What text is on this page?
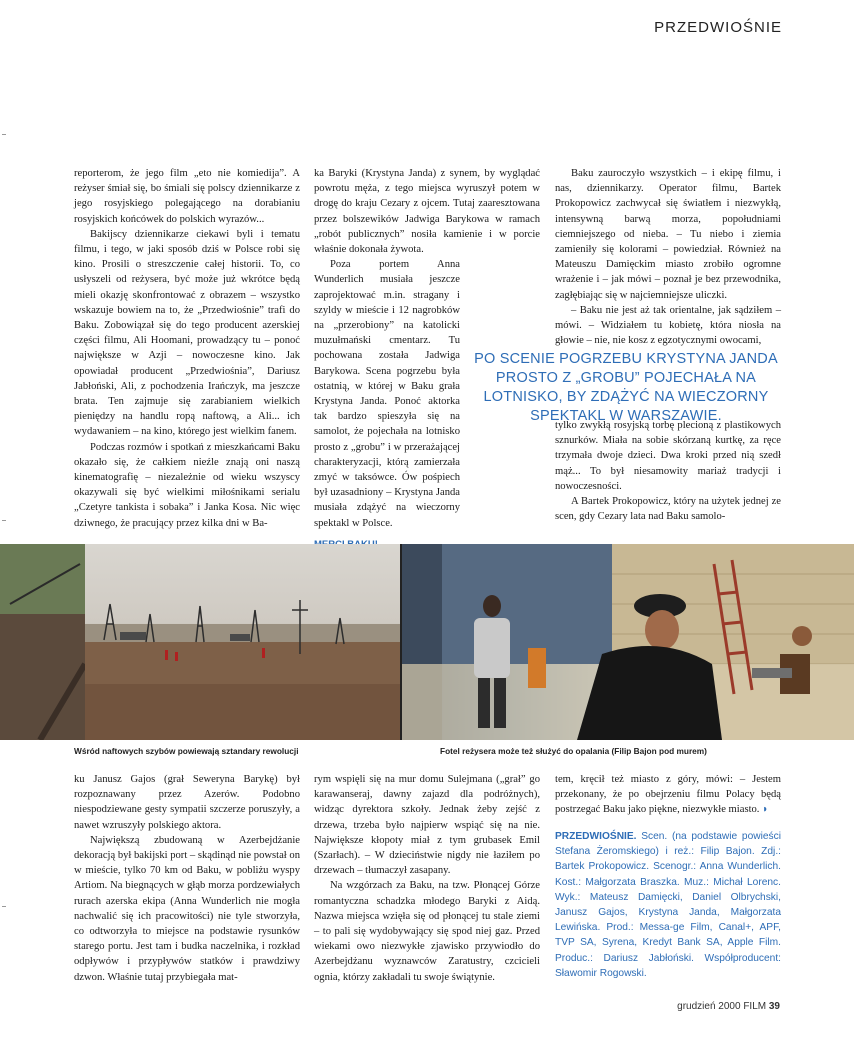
PRZEDWIOŚNIE

reporterom, że jego film „eto nie komiedija”. A reżyser śmiał się, bo śmiali się polscy dziennikarze z jego rosyjskiego polegającego na dorabianiu rosyjskich końcówek do polskich wyrazów...

Bakijscy dziennikarze ciekawi byli i tematu filmu, i tego, w jaki sposób dziś w Polsce robi się kino. Prosili o streszczenie całej historii. To, co usłyszeli od reżysera, być może już wkrótce będą mieli okazję skonfrontować z obrazem – wszystko wskazuje bowiem na to, że „Przedwiośnie” trafi do Baku. Zobowiązał się do tego producent azerskiej części filmu, Ali Hoomani, prowadzący tu – ponoć największe w Azji – nowoczesne kino. Jak opowiadał producent „Przedwiośnia”, Dariusz Jabłoński, Ali, z pochodzenia Irańczyk, ma jeszcze brata. Ten zajmuje się zarabianiem wielkich pieniędzy na handlu ropą naftową, a Ali... ich wydawaniem – na kino, którego jest wielkim fanem.

Podczas rozmów i spotkań z mieszkańcami Baku okazało się, że całkiem nieźle znają oni naszą kinematografię – niezależnie od wieku wszyscy okazywali się być wielkimi miłośnikami serialu „Czetyre tankista i sobaka” i Janka Kosa. Nic więc dziwnego, że pracujący przez kilka dni w Ba-

ka Baryki (Krystyna Janda) z synem, by wyglądać powrotu męża, z tego miejsca wyruszył potem w drogę do kraju Cezary z ojcem. Tutaj zaaresztowana przez bolszewików Jadwiga Barykowa w ramach „robót publicznych” nosiła kamienie i w porcie właśnie dokonała żywota.

Poza portem Anna Wunderlich musiała jeszcze zaprojektować m.in. stragany i szyldy w mieście i 12 nagrobków na „przerobiony” na katolicki muzułmański cmentarz. Tu pochowana została Jadwiga Barykowa. Scena pogrzebu była ostatnią, w której w Baku grała Krystyna Janda. Ponoć aktorka tak bardzo spieszyła się na samolot, że pojechała na lotnisko prosto z „grobu” i w przerażającej charakteryzacji, którą zamierzała zmyć w taksówce. Ów pośpiech był uzasadniony – Krystyna Janda musiała zdążyć na wieczorny spektakl w Polsce.

Baku zauroczyło wszystkich – i ekipę filmu, i nas, dziennikarzy. Operator filmu, Bartek Prokopowicz zachwycał się światłem i niezwykłą, intensywną barwą morza, popołudniami ciemniejszego od nieba. – Tu niebo i ziemia zamieniły się kolorami – powiedział. Również na Mateuszu Damięckim miasto zrobiło ogromne wrażenie i – jak mówi – poznał je bez przewodnika, zagłębiając się w najciemniejsze uliczki.

– Baku nie jest aż tak orientalne, jak sądziłem – mówi. – Widziałem tu kobietę, która niosła na głowie – nie, nie kosz z egzotycznymi owocami,

PO SCENIE POGRZEBU KRYSTYNA JANDA PROSTO Z „GROBU” POJECHAŁA NA LOTNISKO, BY ZDĄŻYĆ NA WIECZORNY SPEKTAKL W WARSZAWIE.

tylko zwykłą rosyjską torbę plecioną z plastikowych sznurków. Miała na sobie skórzaną kurtkę, za ręce trzymała dwoje dzieci. Dwa kroki przed nią szedł mąż... To był niesamowity mariaż tradycji i nowoczesności.

A Bartek Prokopowicz, który na użytek jednej ze scen, gdy Cezary lata nad Baku samolo-

Wśród naftowych szybów powiewają sztandary rewolucji	Fotel reżysera może też służyć do opalania (Filip Bajon pod murem)

ku Janusz Gajos (grał Seweryna Barykę) był rozpoznawany przez Azerów. Podobno niespodziewane gesty sympatii szczerze poruszyły, a nawet wzruszyły polskiego aktora.

Największą zbudowaną w Azerbejdżanie dekoracją był bakijski port – skądinąd nie powstał on w mieście, tylko 70 km od Baku, w pobliżu wyspy Artiom. Na biegnących w głąb morza pordzewiałych rurach azerska ekipa (Anna Wunderlich nie mogła nachwalić się ich pracowitości) nie tyle stworzyła, co odtworzyła to miejsce na podstawie rysunków starego portu. Jest tam i budka naczelnika, i rozkład odpływów i przypływów statków i prawdziwy dzwon. Właśnie tutaj przybiegała mat-

rym wspięli się na mur domu Sulejmana („grał” go karawanseraj, dawny zajazd dla podróżnych), widząc dyrektora szkoły. Jednak żeby zejść z drzewa, trzeba było najpierw wspiąć się na nie. Największe kłopoty miał z tym grubasek Emil (Szarłach). – W dzieciństwie nigdy nie łaziłem po drzewach – tłumaczył zasapany.

Na wzgórzach za Baku, na tzw. Płonącej Górze romantyczna schadzka młodego Baryki z Aidą. Nazwa miejsca wzięła się od płonącej tu stale ziemi – to pali się wydobywający się spod niej gaz. Przed wiekami owo niezwykłe zjawisko przywiodło do Azerbejdżanu wyznawców Zaratustry, czcicieli ognia, którzy zakładali tu swoje świątynie.

tem, kręcił też miasto z góry, mówi: – Jestem przekonany, że po obejrzeniu filmu Polacy będą postrzegać Baku jako piękne, niezwykłe miasto. ◗

PRZEDWIOŚNIE. Scen. (na podstawie powieści Stefana Żeromskiego) i reż.: Filip Bajon. Zdj.: Bartek Prokopowicz. Scenogr.: Anna Wunderlich. Kost.: Małgorzata Braszka. Muz.: Michał Lorenc. Wyk.: Mateusz Damięcki, Daniel Olbrychski, Janusz Gajos, Krystyna Janda, Małgorzata Lewińska. Prod.: Messa-ge Film, Canal+, APF, TVP SA, Syrena, Kredyt Bank SA, Apple Film. Produc.: Dariusz Jabłoński. Współproducent: Sławomir Rogowski.
grudzień 2000 FILM 39
